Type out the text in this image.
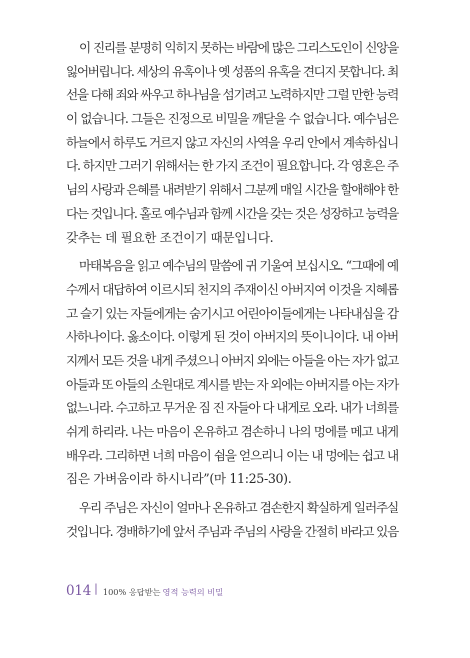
이 진리를 분명히 익히지 못하는 바람에 많은 그리스도인이 신앙을
잃어버립니다. 세상의 유혹이나 옛 성품의 유혹을 견디지 못합니다. 최
선을 다해 죄와 싸우고 하나님을 섬기려고 노력하지만 그럴 만한 능력
이 없습니다. 그들은 진정으로 비밀을 깨닫을 수 없습니다. 예수님은
하늘에서 하루도 거르지 않고 자신의 사역을 우리 안에서 계속하십니
다. 하지만 그러기 위해서는 한 가지 조건이 필요합니다. 각 영혼은 주
님의 사랑과 은혜를 내려받기 위해서 그분께 매일 시간을 할애해야 한
다는 것입니다. 홀로 예수님과 함께 시간을 갖는 것은 성장하고 능력을
갖추는 데 필요한 조건이기 때문입니다.
마태복음을 읽고 예수님의 말씀에 귀 기울여 보십시오. “그때에 예
수께서 대답하여 이르시되 천지의 주재이신 아버지여 이것을 지혜롭
고 슬기 있는 자들에게는 숨기시고 어린아이들에게는 나타내심을 감
사하나이다. 옳소이다. 이렇게 된 것이 아버지의 뜻이니이다. 내 아버
지께서 모든 것을 내게 주셨으니 아버지 외에는 아들을 아는 자가 없고
아들과 또 아들의 소원대로 계시를 받는 자 외에는 아버지를 아는 자가
없느니라. 수고하고 무거운 짐 진 자들아 다 내게로 오라. 내가 너희를
쉬게 하리라. 나는 마음이 온유하고 겸손하니 나의 멍에를 메고 내게
배우라. 그리하면 너희 마음이 쉼을 얻으리니 이는 내 멍에는 쉽고 내
짐은 가벼움이라 하시니라”(마 11:25-30).
우리 주님은 자신이 얼마나 온유하고 겸손한지 확실하게 일러주실
것입니다. 경배하기에 앞서 주님과 주님의 사랑을 간절히 바라고 있음
014 | 100% 응답받는 영적 능력의 비밀
